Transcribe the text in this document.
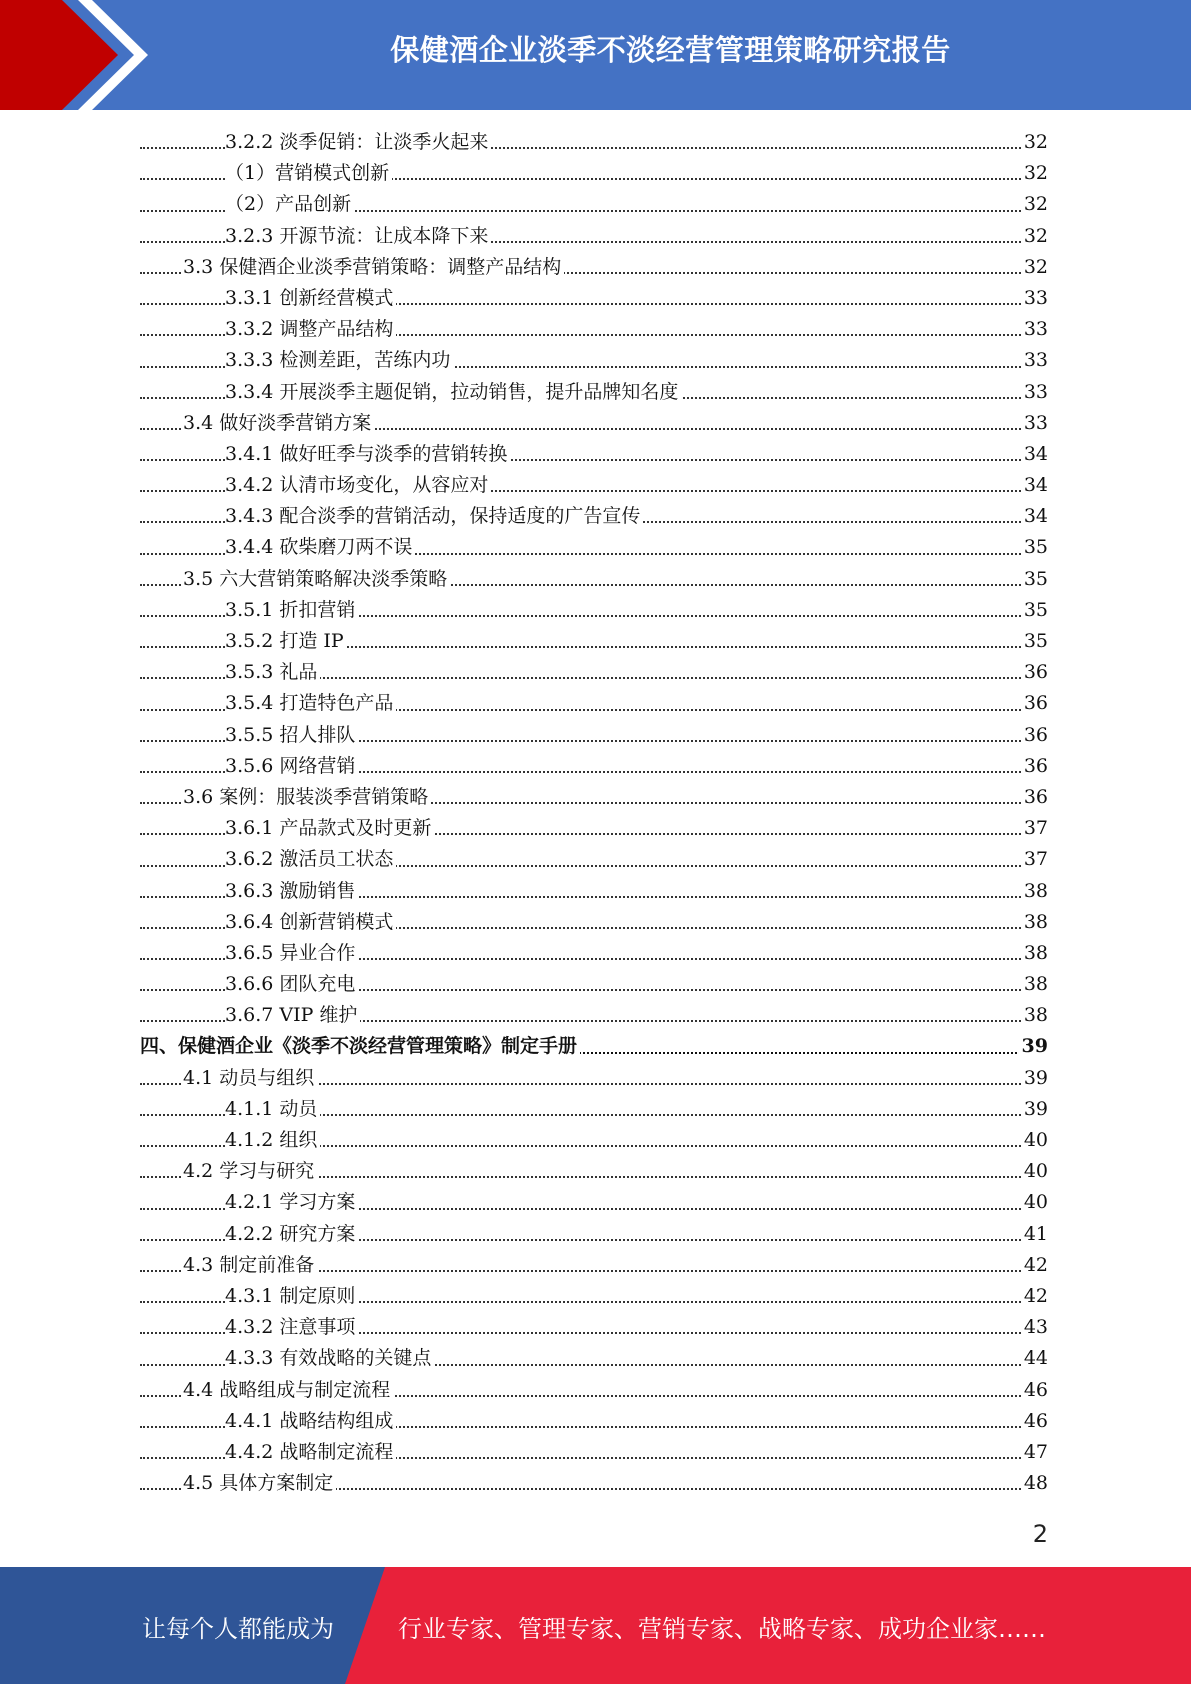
保健酒企业淡季不淡经营管理策略研究报告
3.2.2 淡季促销：让淡季火起来	32
（1）营销模式创新	32
（2）产品创新	32
3.2.3 开源节流：让成本降下来	32
3.3 保健酒企业淡季营销策略：调整产品结构	32
3.3.1 创新经营模式	33
3.3.2 调整产品结构	33
3.3.3 检测差距，苦练内功	33
3.3.4 开展淡季主题促销，拉动销售，提升品牌知名度	33
3.4 做好淡季营销方案	33
3.4.1 做好旺季与淡季的营销转换	34
3.4.2 认清市场变化，从容应对	34
3.4.3 配合淡季的营销活动，保持适度的广告宣传	34
3.4.4 砍柴磨刀两不误	35
3.5 六大营销策略解决淡季策略	35
3.5.1 折扣营销	35
3.5.2 打造 IP	35
3.5.3 礼品	36
3.5.4 打造特色产品	36
3.5.5 招人排队	36
3.5.6 网络营销	36
3.6 案例：服装淡季营销策略	36
3.6.1 产品款式及时更新	37
3.6.2 激活员工状态	37
3.6.3 激励销售	38
3.6.4 创新营销模式	38
3.6.5 异业合作	38
3.6.6 团队充电	38
3.6.7 VIP 维护	38
四、保健酒企业《淡季不淡经营管理策略》制定手册	39
4.1 动员与组织	39
4.1.1 动员	39
4.1.2 组织	40
4.2 学习与研究	40
4.2.1 学习方案	40
4.2.2 研究方案	41
4.3 制定前准备	42
4.3.1 制定原则	42
4.3.2 注意事项	43
4.3.3 有效战略的关键点	44
4.4 战略组成与制定流程	46
4.4.1 战略结构组成	46
4.4.2 战略制定流程	47
4.5 具体方案制定	48
2
让每个人都能成为	行业专家、管理专家、营销专家、战略专家、成功企业家……
